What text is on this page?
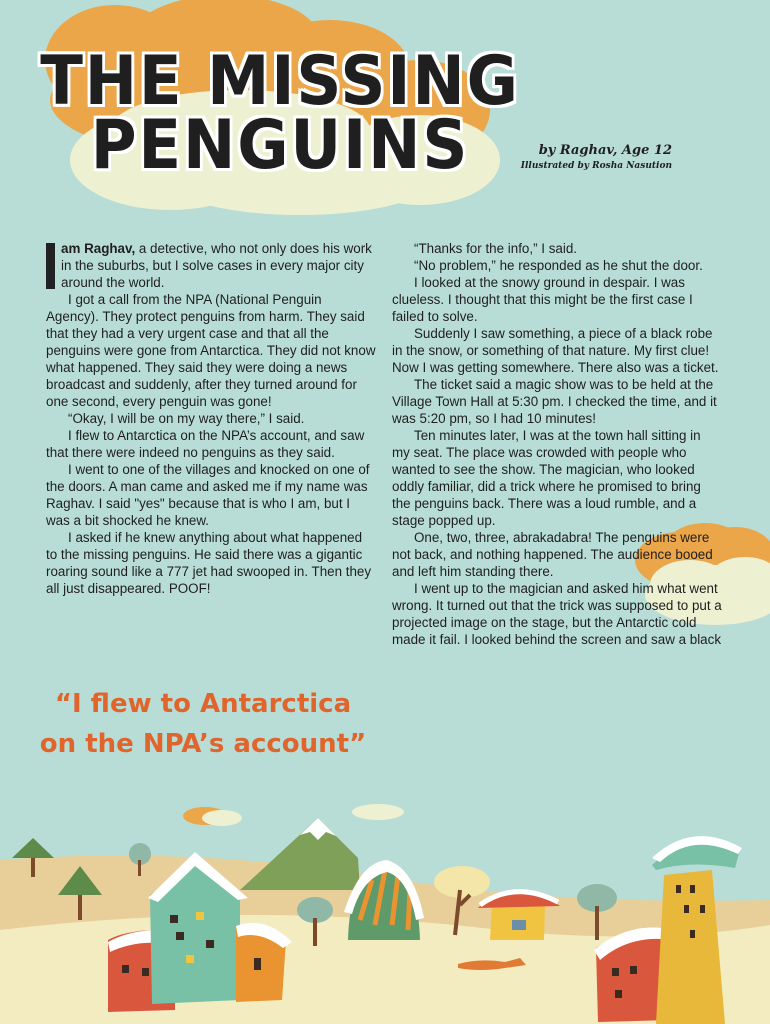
THE MISSING
PENGUINS	by Raghav, Age 12
Illustrated by Rosha Nasution

am Raghav, a detective, who not only does his work in the suburbs, but I solve cases in every major city around the world.

I got a call from the NPA (National Penguin Agency). They protect penguins from harm. They said that they had a very urgent case and that all the penguins were gone from Antarctica. They did not know what happened. They said they were doing a news broadcast and suddenly, after they turned around for one second, every penguin was gone!

“Okay, I will be on my way there,” I said.

I flew to Antarctica on the NPA’s account, and saw that there were indeed no penguins as they said.

I went to one of the villages and knocked on one of the doors. A man came and asked me if my name was Raghav. I said "yes" because that is who I am, but I was a bit shocked he knew.

I asked if he knew anything about what happened to the missing penguins. He said there was a gigantic roaring sound like a 777 jet had swooped in. Then they all just disappeared. POOF!

“I flew to Antarctica
on the NPA’s account”

“Thanks for the info,” I said.

“No problem,” he responded as he shut the door.

I looked at the snowy ground in despair. I was clueless. I thought that this might be the first case I failed to solve.

Suddenly I saw something, a piece of a black robe in the snow, or something of that nature. My first clue! Now I was getting somewhere. There also was a ticket.

The ticket said a magic show was to be held at the Village Town Hall at 5:30 pm. I checked the time, and it was 5:20 pm, so I had 10 minutes!

Ten minutes later, I was at the town hall sitting in my seat. The place was crowded with people who wanted to see the show. The magician, who looked oddly familiar, did a trick where he promised to bring the penguins back. There was a loud rumble, and a stage popped up.

One, two, three, abrakadabra! The penguins were not back, and nothing happened. The audience booed and left him standing there.

I went up to the magician and asked him what went wrong. It turned out that the trick was supposed to put a projected image on the stage, but the Antarctic cold made it fail. I looked behind the screen and saw a black
